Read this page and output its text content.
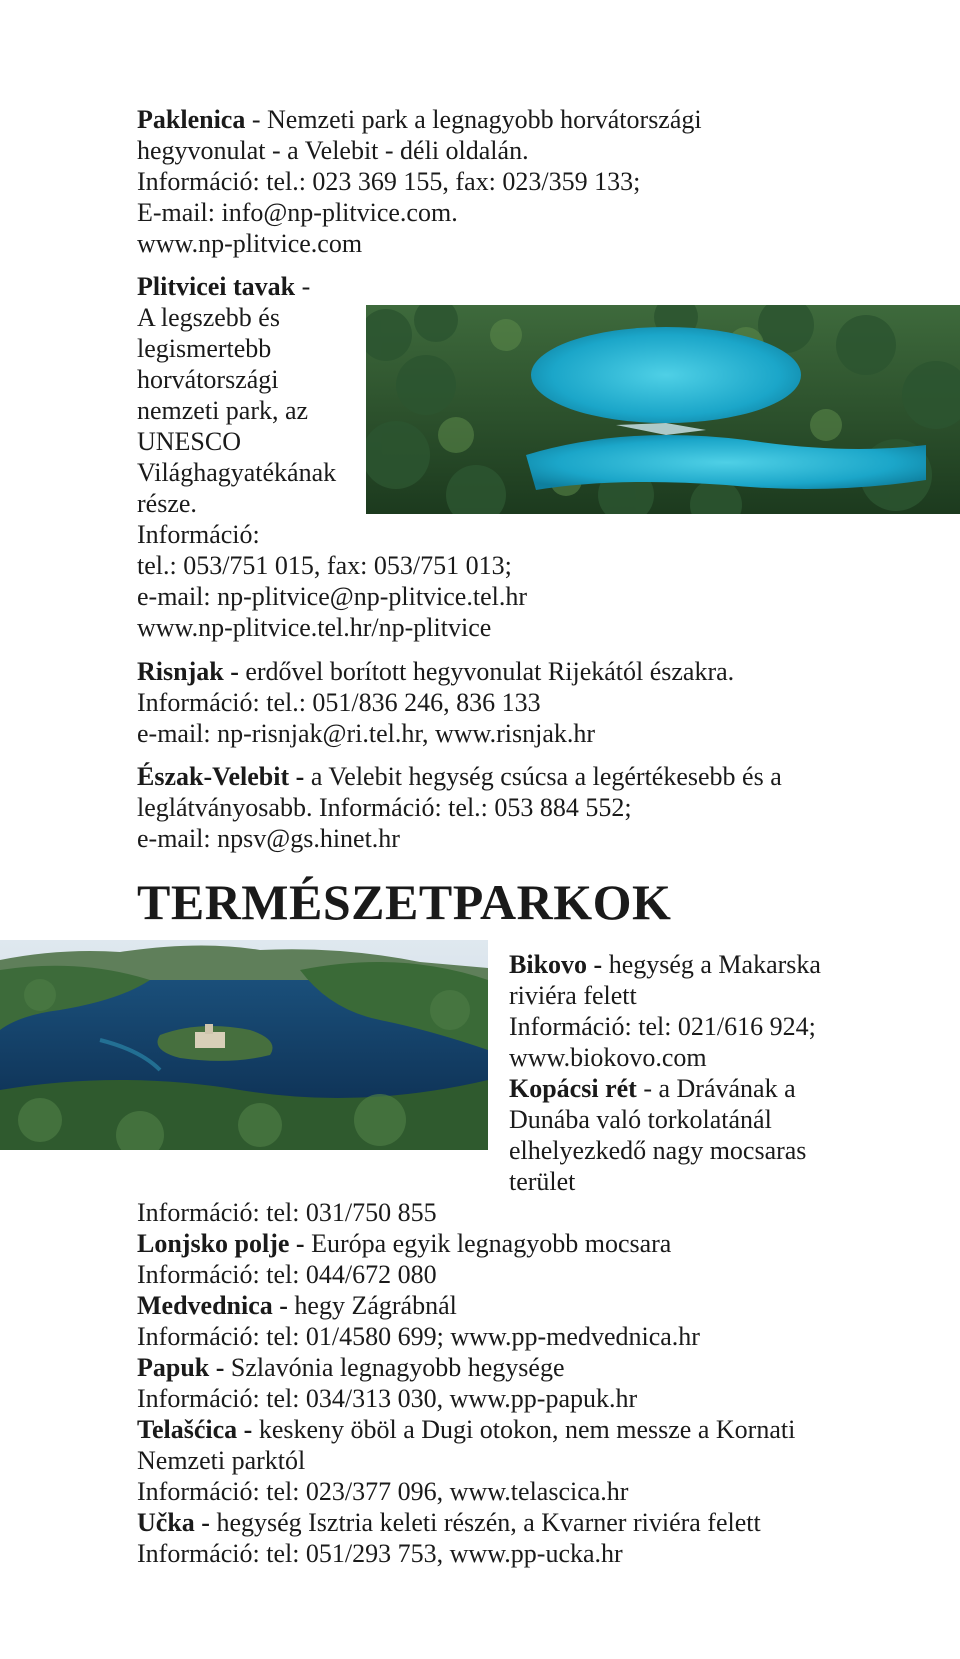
Paklenica - Nemzeti park a legnagyobb horvátországi
hegyvonulat - a Velebit - déli oldalán.
Információ: tel.: 023 369 155, fax: 023/359 133;
E-mail: info@np-plitvice.com.
www.np-plitvice.com
Plitvicei tavak -
A legszebb és
legismertebb
horvátországi
nemzeti park, az
UNESCO
Világhagyatékának
része.
Információ:
tel.: 053/751 015, fax: 053/751 013;
e-mail: np-plitvice@np-plitvice.tel.hr
www.np-plitvice.tel.hr/np-plitvice
Risnjak - erdővel borított hegyvonulat Rijekától északra.
Információ: tel.: 051/836 246, 836 133
e-mail: np-risnjak@ri.tel.hr, www.risnjak.hr
Észak-Velebit - a Velebit hegység csúcsa a legértékesebb és a
leglátványosabb. Információ: tel.: 053 884 552;
e-mail: npsv@gs.hinet.hr
TERMÉSZETPARKOK
Bikovo - hegység a Makarska
riviéra felett
Információ: tel: 021/616 924;
www.biokovo.com
Kopácsi rét - a Drávának a
Dunába való torkolatánál
elhelyezkedő nagy mocsaras
terület
Információ: tel: 031/750 855
Lonjsko polje - Európa egyik legnagyobb mocsara
Információ: tel: 044/672 080
Medvednica - hegy Zágrábnál
Információ: tel: 01/4580 699; www.pp-medvednica.hr
Papuk - Szlavónia legnagyobb hegysége
Információ: tel: 034/313 030, www.pp-papuk.hr
Telašćica - keskeny öböl a Dugi otokon, nem messze a Kornati
Nemzeti parktól
Információ: tel: 023/377 096, www.telascica.hr
Učka - hegység Isztria keleti részén, a Kvarner riviéra felett
Információ: tel: 051/293 753, www.pp-ucka.hr
